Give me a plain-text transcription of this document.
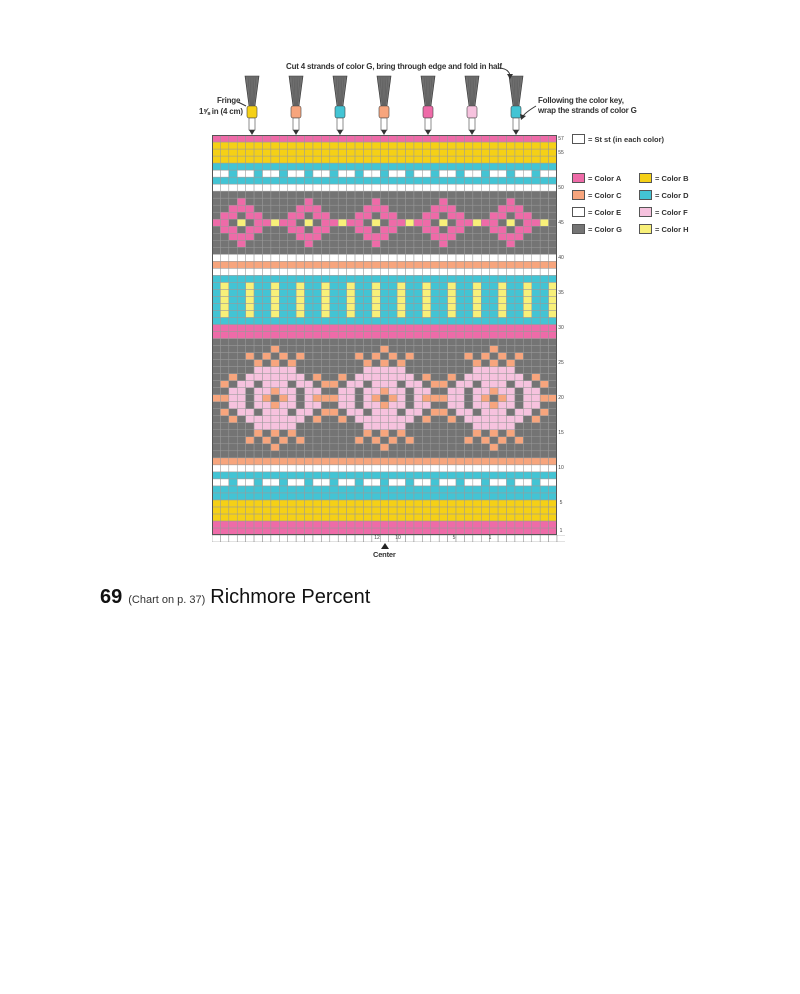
Cut 4 strands of color G, bring through edge and fold in half
Fringe
1⅝ in (4 cm)
Following the color key,
wrap the strands of color G
1
5
10
15
20
25
30
35
40
45
50
55
57
12	10	5	1
Center
= St st (in each color)
= Color A	= Color B
= Color C	= Color D
= Color E	= Color F
= Color G	= Color H
69 (Chart on p. 37) Richmore Percent
